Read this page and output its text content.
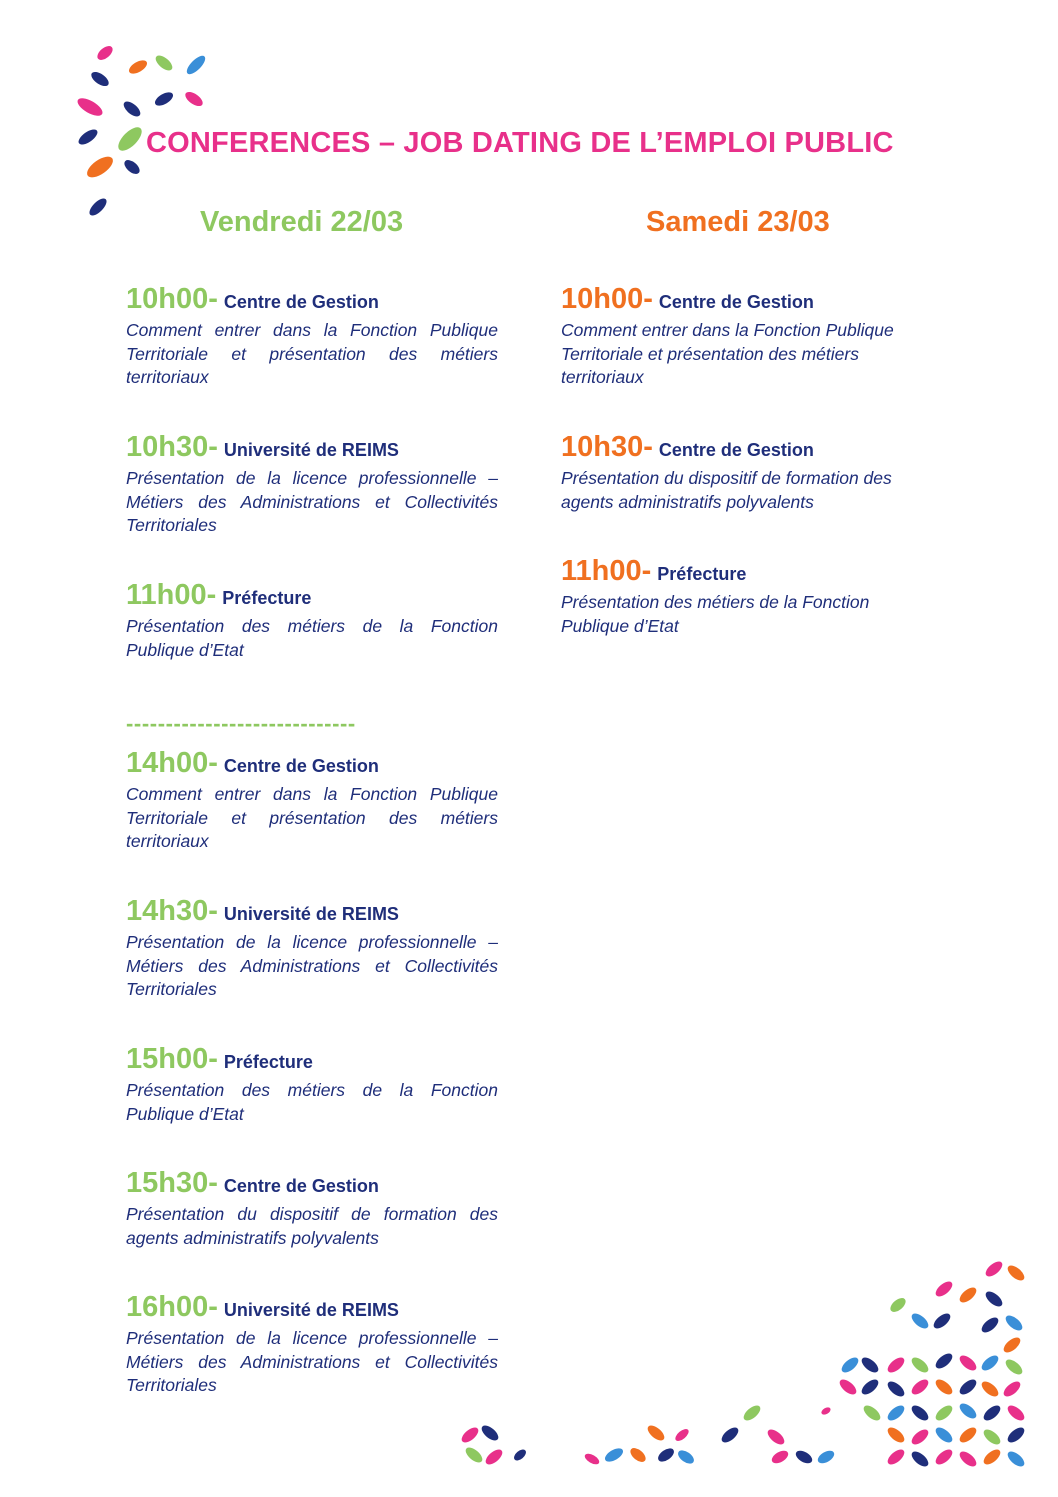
CONFERENCES – JOB DATING DE L’EMPLOI PUBLIC
Vendredi 22/03	Samedi 23/03
10h00- Centre de Gestion
Comment entrer dans la Fonction Publique Territoriale et présentation des métiers territoriaux
10h30- Université de REIMS
Présentation de la licence professionnelle – Métiers des Administrations et Collectivités Territoriales
11h00- Préfecture
Présentation des métiers de la Fonction Publique d’Etat
-----------------------------
14h00- Centre de Gestion
Comment entrer dans la Fonction Publique Territoriale et présentation des métiers territoriaux
14h30- Université de REIMS
Présentation de la licence professionnelle – Métiers des Administrations et Collectivités Territoriales
15h00- Préfecture
Présentation des métiers de la Fonction Publique d’Etat
15h30- Centre de Gestion
Présentation du dispositif de formation des agents administratifs polyvalents
16h00- Université de REIMS
Présentation de la licence professionnelle – Métiers des Administrations et Collectivités Territoriales
10h00- Centre de Gestion
Comment entrer dans la Fonction Publique Territoriale et présentation des métiers territoriaux
10h30- Centre de Gestion
Présentation du dispositif de formation des agents administratifs polyvalents
11h00- Préfecture
Présentation des métiers de la Fonction Publique d’Etat
